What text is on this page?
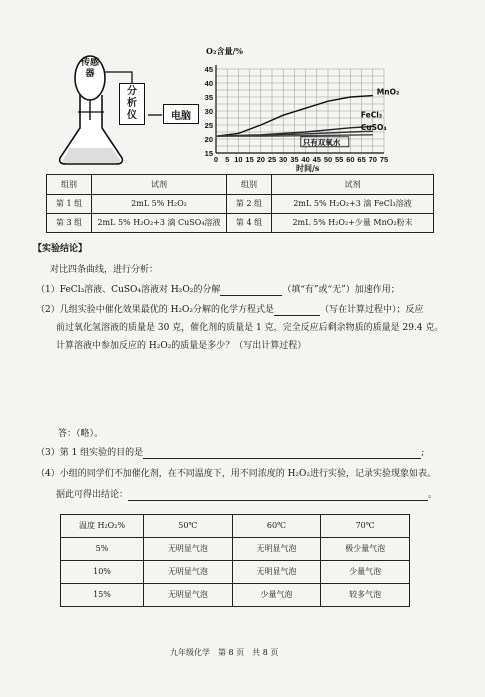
传感器
分析仪	电脑
O₂含量/%
0 5 10 15 20 25 30 35 40 45 50 55 60 65 70 75
15
20
25
30
35
40
45
MnO₂
FeCl₃
CuSO₄
只有双氧水
时间/s
组别	试剂	组别	试剂
第 1 组	2mL 5% H₂O₂	第 2 组	2mL 5% H₂O₂+3 滴 FeCl₃溶液
第 3 组	2mL 5% H₂O₂+3 滴 CuSO₄溶液	第 4 组	2mL 5% H₂O₂+少量 MnO₂粉末
【实验结论】
对比四条曲线，进行分析：
（1）FeCl₃溶液、CuSO₄溶液对 H₂O₂的分解	（填“有”或“无”）加速作用；
（2）几组实验中催化效果最优的 H₂O₂分解的化学方程式是	（写在计算过程中）；反应
前过氧化氢溶液的质量是 30 克，催化剂的质量是 1 克，完全反应后剩余物质的质量是 29.4 克。
计算溶液中参加反应的 H₂O₂的质量是多少？（写出计算过程）
答：（略）。
（3）第 1 组实验的目的是	;
（4）小组的同学们不加催化剂，在不同温度下，用不同浓度的 H₂O₂进行实验，记录实验现象如表。
据此可得出结论：	。
温度 H₂O₂%	50℃	60℃	70℃
5%	无明显气泡	无明显气泡	极少量气泡
10%	无明显气泡	无明显气泡	少量气泡
15%	无明显气泡	少量气泡	较多气泡
九年级化学　第 8 页　共 8 页
